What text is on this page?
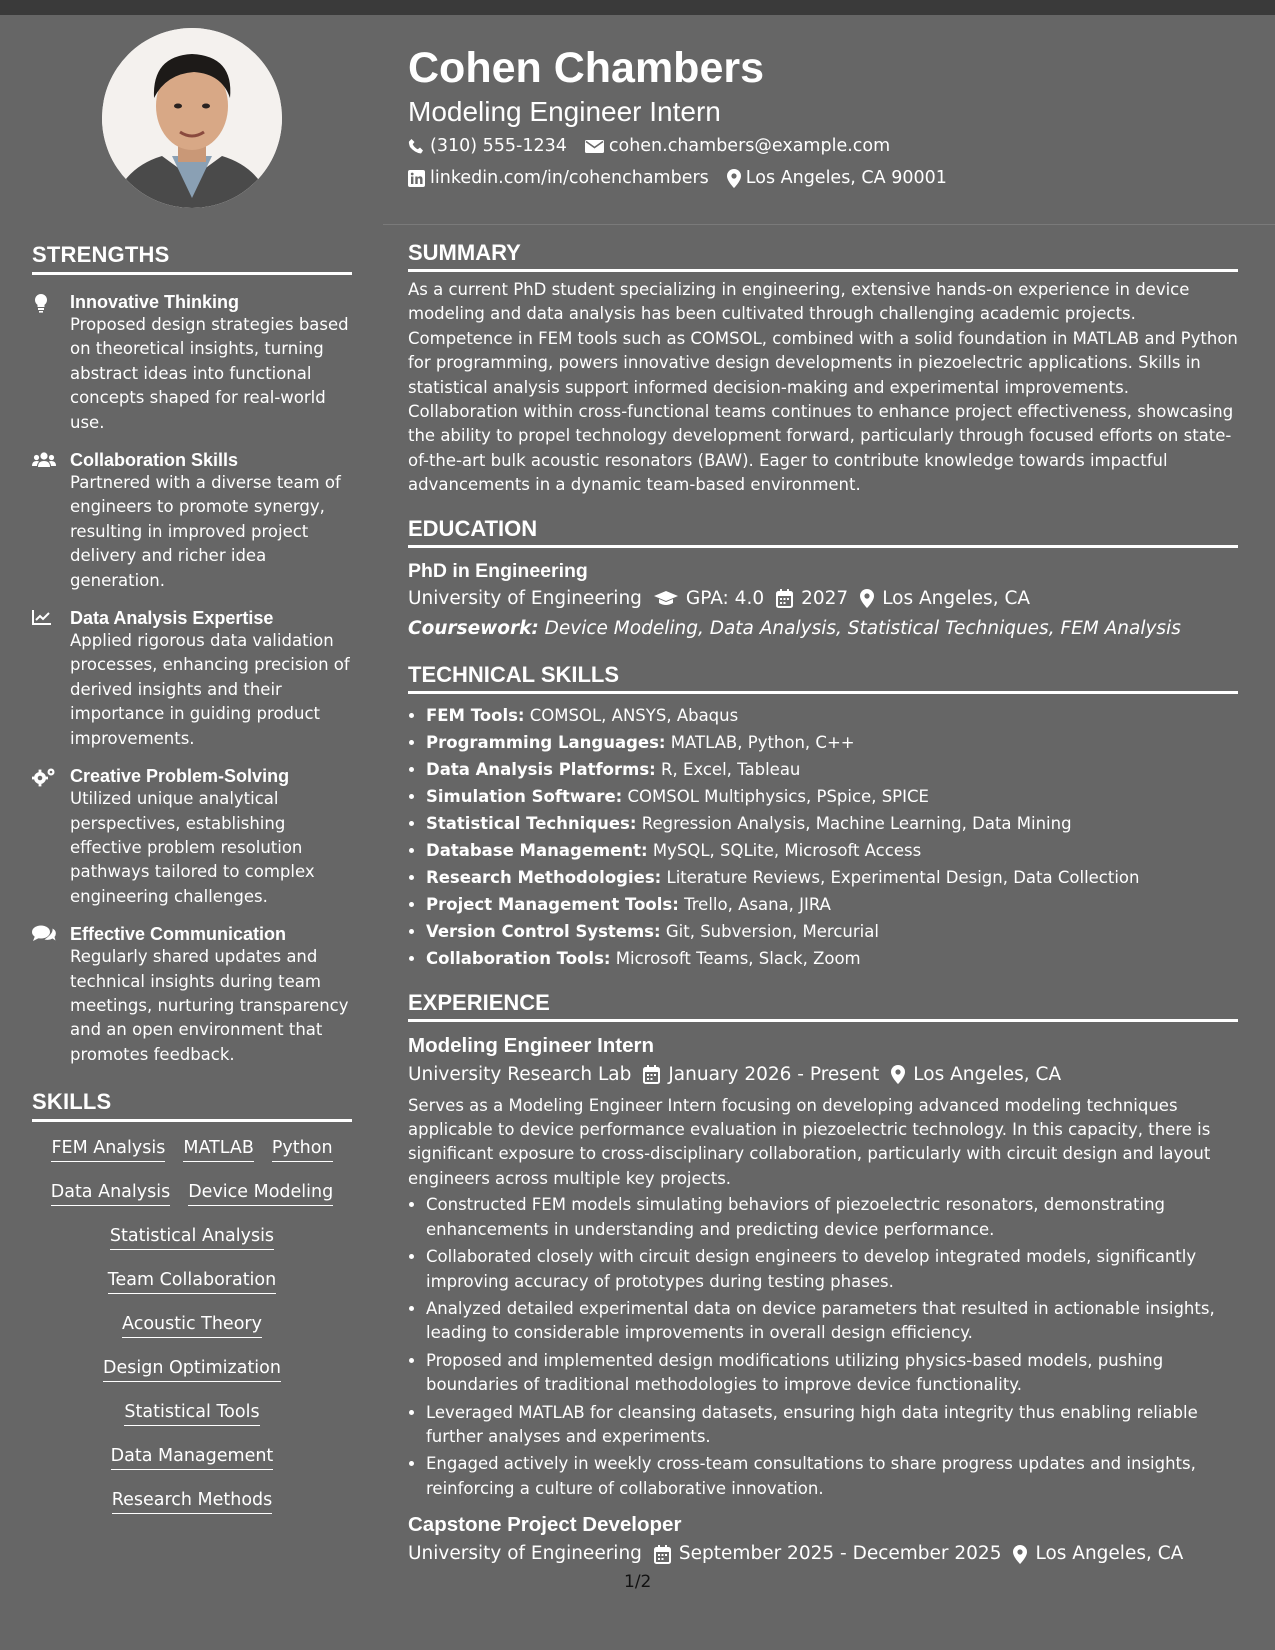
STRENGTHS
Innovative Thinking
Proposed design strategies based on theoretical insights, turning abstract ideas into functional concepts shaped for real-world use.
Collaboration Skills
Partnered with a diverse team of engineers to promote synergy, resulting in improved project delivery and richer idea generation.
Data Analysis Expertise
Applied rigorous data validation processes, enhancing precision of derived insights and their importance in guiding product improvements.
Creative Problem-Solving
Utilized unique analytical perspectives, establishing effective problem resolution pathways tailored to complex engineering challenges.
Effective Communication
Regularly shared updates and technical insights during team meetings, nurturing transparency and an open environment that promotes feedback.
SKILLS
FEM Analysis MATLAB Python
Data Analysis Device Modeling
Statistical Analysis
Team Collaboration
Acoustic Theory
Design Optimization
Statistical Tools
Data Management
Research Methods
Cohen Chambers
Modeling Engineer Intern
(310) 555-1234 cohen.chambers@example.com
linkedin.com/in/cohenchambers Los Angeles, CA 90001
SUMMARY
As a current PhD student specializing in engineering, extensive hands-on experience in device modeling and data analysis has been cultivated through challenging academic projects. Competence in FEM tools such as COMSOL, combined with a solid foundation in MATLAB and Python for programming, powers innovative design developments in piezoelectric applications. Skills in statistical analysis support informed decision-making and experimental improvements. Collaboration within cross-functional teams continues to enhance project effectiveness, showcasing the ability to propel technology development forward, particularly through focused efforts on state-of-the-art bulk acoustic resonators (BAW). Eager to contribute knowledge towards impactful advancements in a dynamic team-based environment.
EDUCATION
PhD in Engineering
University of Engineering GPA: 4.0 2027 Los Angeles, CA
Coursework: Device Modeling, Data Analysis, Statistical Techniques, FEM Analysis
TECHNICAL SKILLS
• FEM Tools: COMSOL, ANSYS, Abaqus
• Programming Languages: MATLAB, Python, C++
• Data Analysis Platforms: R, Excel, Tableau
• Simulation Software: COMSOL Multiphysics, PSpice, SPICE
• Statistical Techniques: Regression Analysis, Machine Learning, Data Mining
• Database Management: MySQL, SQLite, Microsoft Access
• Research Methodologies: Literature Reviews, Experimental Design, Data Collection
• Project Management Tools: Trello, Asana, JIRA
• Version Control Systems: Git, Subversion, Mercurial
• Collaboration Tools: Microsoft Teams, Slack, Zoom
EXPERIENCE
Modeling Engineer Intern
University Research Lab January 2026 - Present Los Angeles, CA
Serves as a Modeling Engineer Intern focusing on developing advanced modeling techniques applicable to device performance evaluation in piezoelectric technology. In this capacity, there is significant exposure to cross-disciplinary collaboration, particularly with circuit design and layout engineers across multiple key projects.
• Constructed FEM models simulating behaviors of piezoelectric resonators, demonstrating enhancements in understanding and predicting device performance.
• Collaborated closely with circuit design engineers to develop integrated models, significantly improving accuracy of prototypes during testing phases.
• Analyzed detailed experimental data on device parameters that resulted in actionable insights, leading to considerable improvements in overall design efficiency.
• Proposed and implemented design modifications utilizing physics-based models, pushing boundaries of traditional methodologies to improve device functionality.
• Leveraged MATLAB for cleansing datasets, ensuring high data integrity thus enabling reliable further analyses and experiments.
• Engaged actively in weekly cross-team consultations to share progress updates and insights, reinforcing a culture of collaborative innovation.
Capstone Project Developer
University of Engineering September 2025 - December 2025 Los Angeles, CA
1/2
